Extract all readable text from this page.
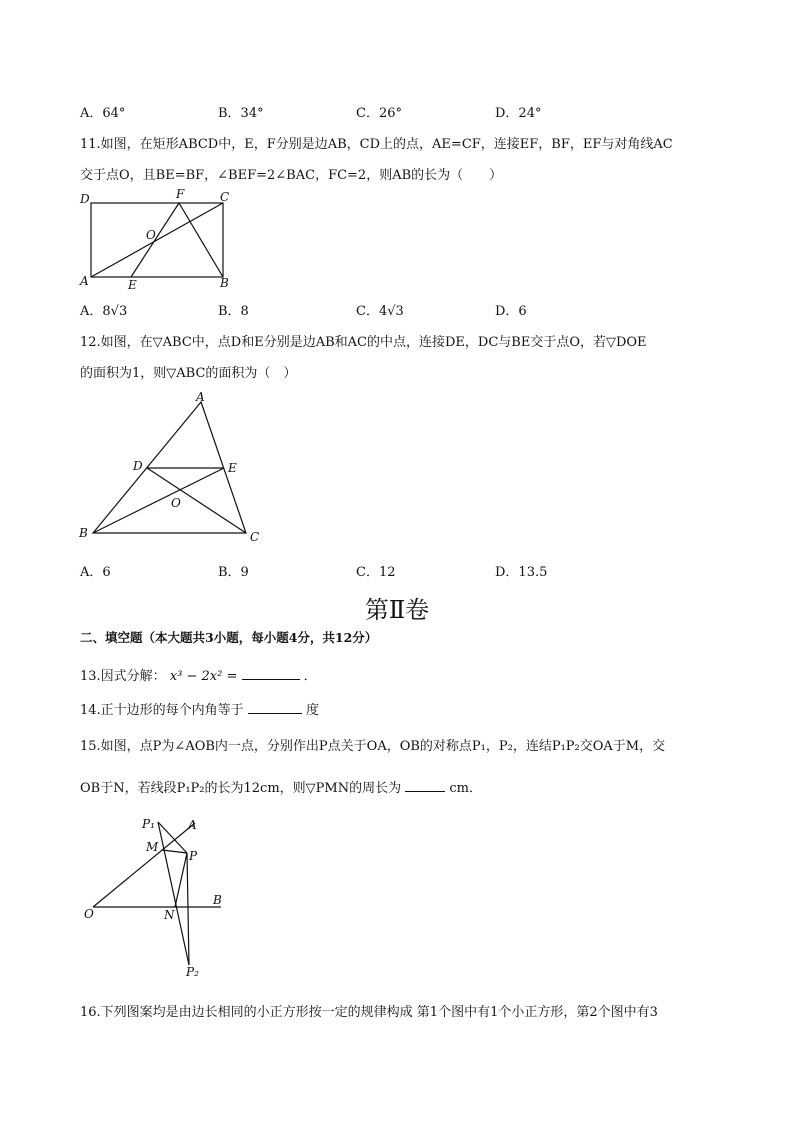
A．64°	B．34°	C．26°	D．24°
11.如图，在矩形ABCD中，E，F分别是边AB，CD上的点，AE=CF，连接EF，BF，EF与对角线AC
交于点O，且BE=BF，∠BEF=2∠BAC，FC=2，则AB的长为（　　）
D	F	C
O
A	E	B
A．8√3	B．8	C．4√3	D．6
12.如图，在▽ABC中，点D和E分别是边AB和AC的中点，连接DE，DC与BE交于点O，若▽DOE
的面积为1，则▽ABC的面积为（　）
A
D	E
O
B	C
A．6	B．9	C．12	D．13.5
第Ⅱ卷
二、填空题（本大题共3小题，每小题4分，共12分）
13.因式分解： x³ − 2x² =	．
14.正十边形的每个内角等于	度
15.如图，点P为∠AOB内一点，分别作出P点关于OA，OB的对称点P₁，P₂，连结P₁P₂交OA于M，交
OB于N，若线段P₁P₂的长为12cm，则▽PMN的周长为	cm．
P₁	A
M
P
O	N
B
P₂
16.下列图案均是由边长相同的小正方形按一定的规律构成 第1个图中有1个小正方形，第2个图中有3
